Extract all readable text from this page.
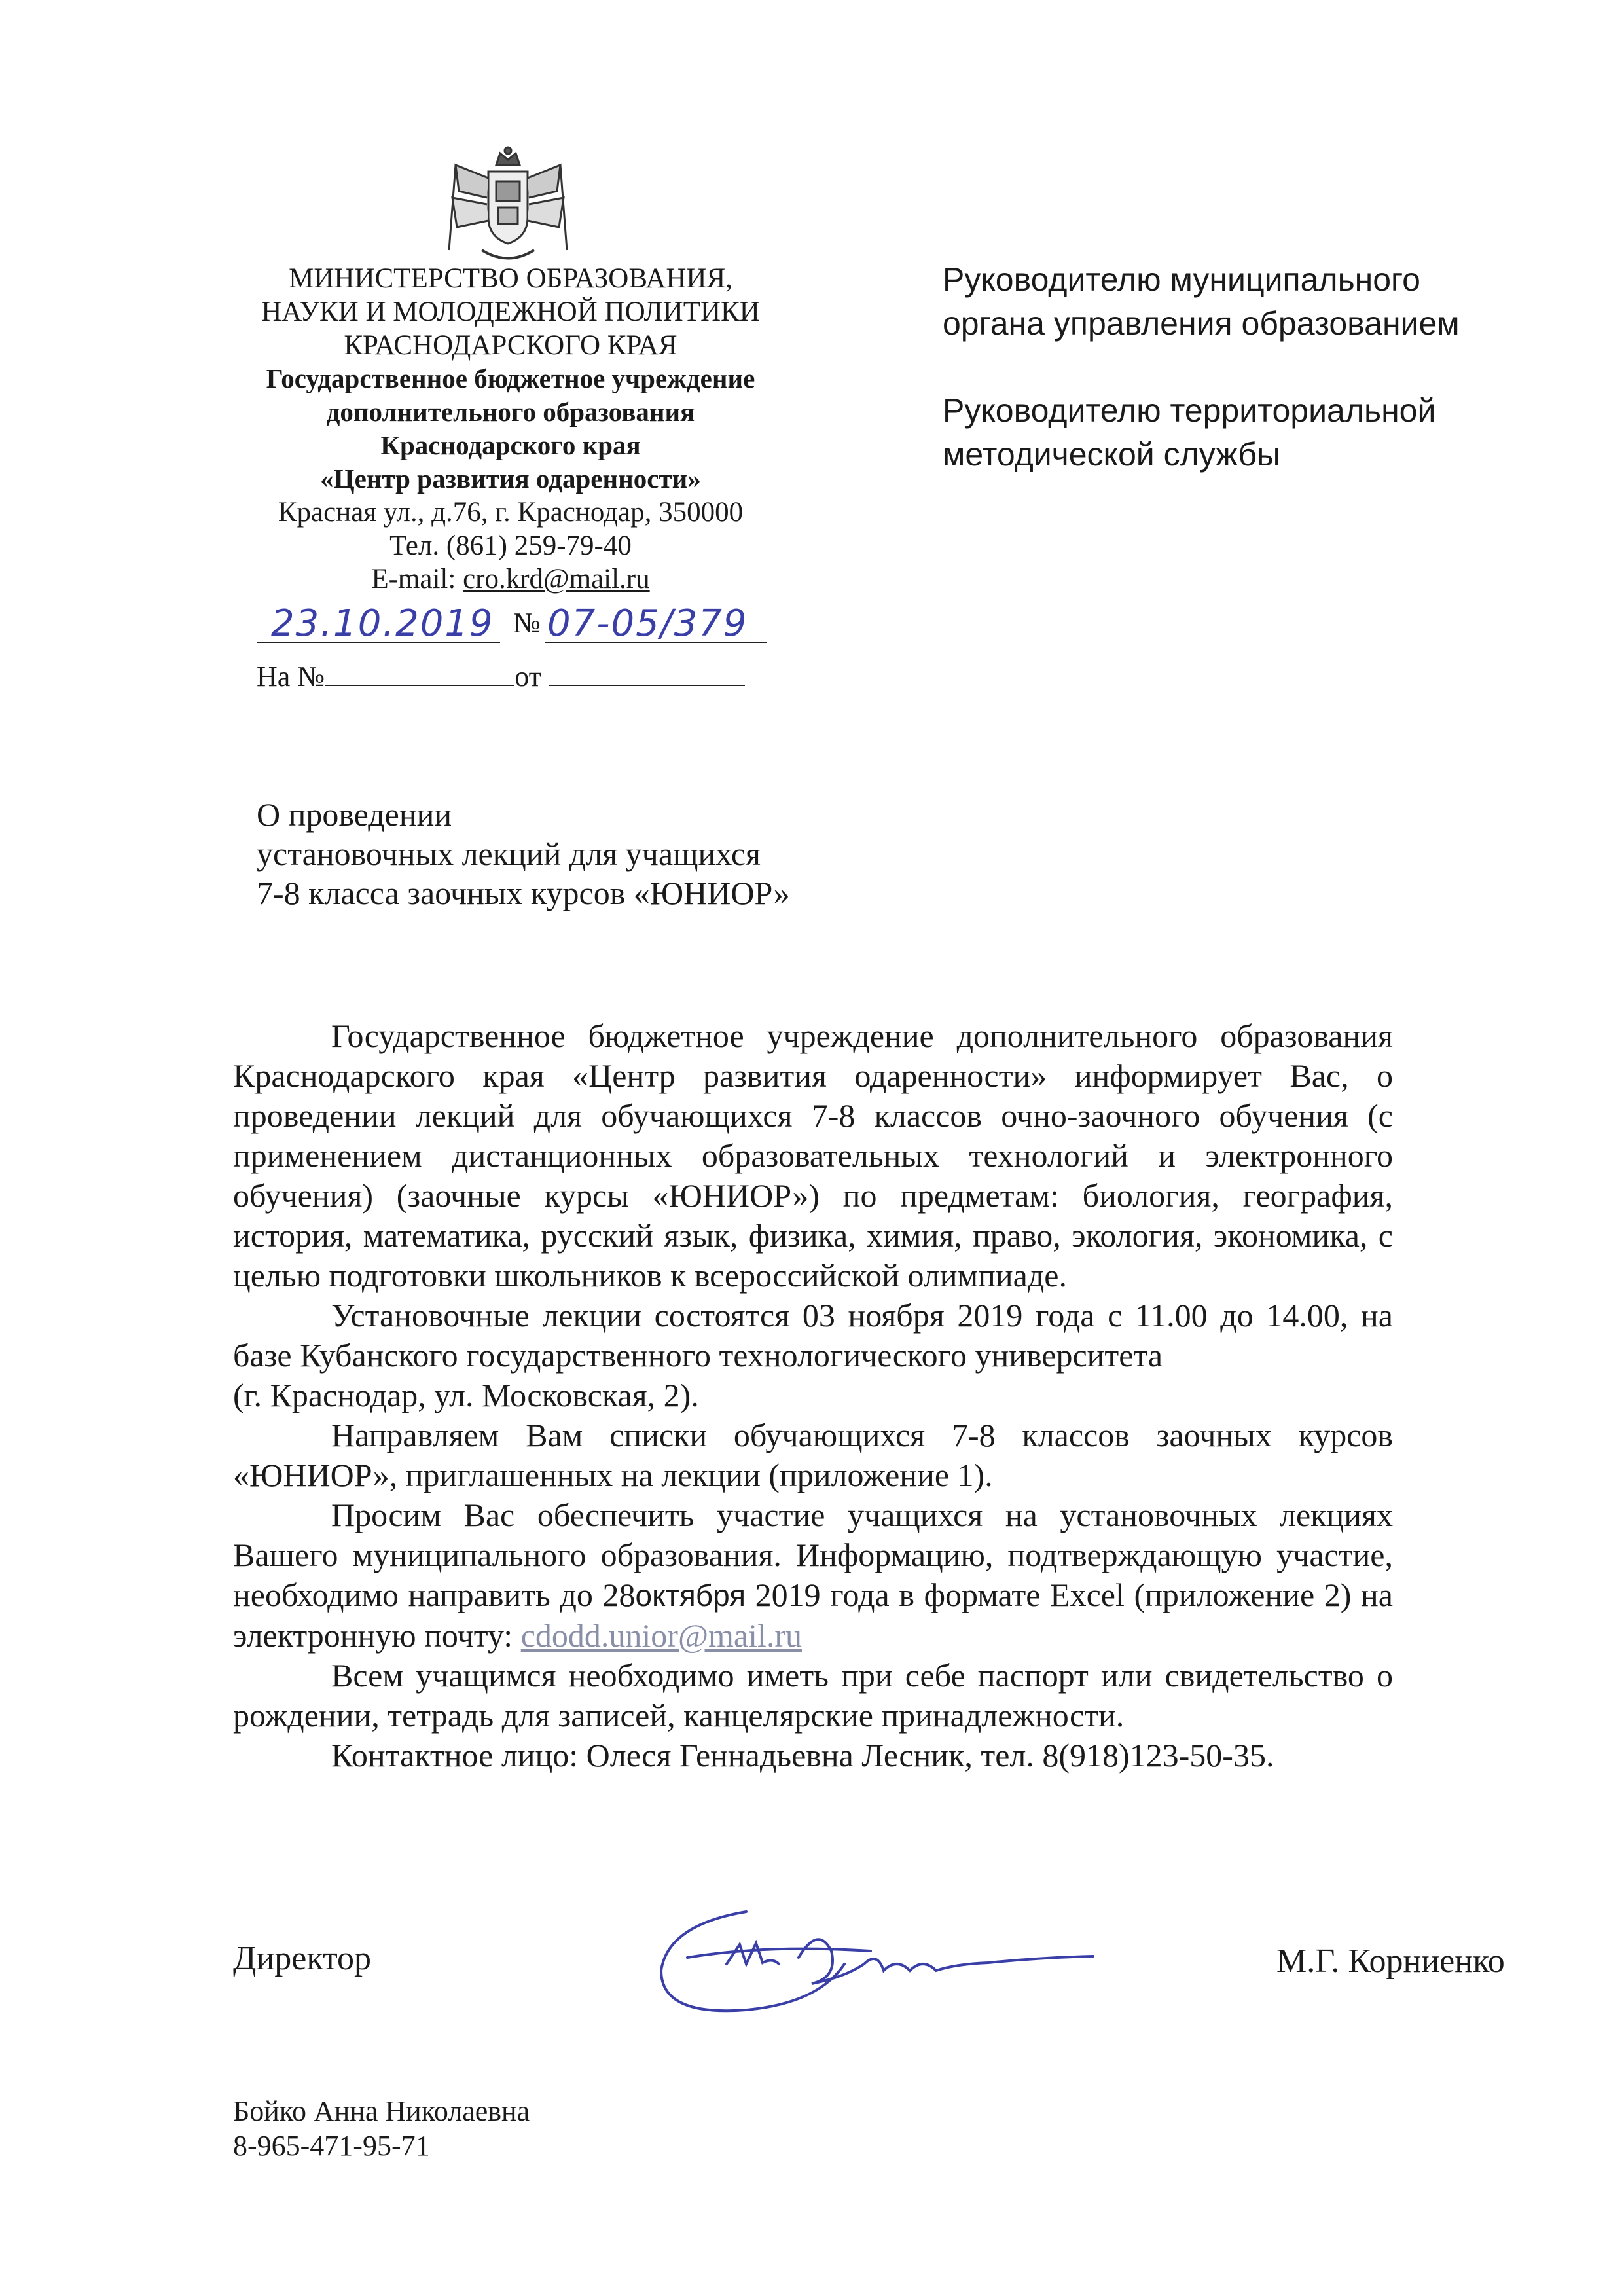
МИНИСТЕРСТВО ОБРАЗОВАНИЯ,
НАУКИ И МОЛОДЕЖНОЙ ПОЛИТИКИ
КРАСНОДАРСКОГО КРАЯ
Государственное бюджетное учреждение
дополнительного образования
Краснодарского края
«Центр развития одаренности»
Красная ул., д.76, г. Краснодар, 350000
Тел. (861) 259-79-40
E-mail: cro.krd@mail.ru
23.10.2019 № 07-05/379
На №	от
Руководителю муниципального
органа управления образованием
Руководителю территориальной
методической службы
О проведении
установочных лекций для учащихся
7-8 класса заочных курсов «ЮНИОР»

Государственное бюджетное учреждение дополнительного образования Краснодарского края «Центр развития одаренности» информирует Вас, о проведении лекций для обучающихся 7-8 классов очно-заочного обучения (с применением дистанционных образовательных технологий и электронного обучения) (заочные курсы «ЮНИОР») по предметам: биология, география, история, математика, русский язык, физика, химия, право, экология, экономика, с целью подготовки школьников к всероссийской олимпиаде.

Установочные лекции состоятся 03 ноября 2019 года с 11.00 до 14.00, на базе Кубанского государственного технологического университета

(г. Краснодар, ул. Московская, 2).

Направляем Вам списки обучающихся 7-8 классов заочных курсов «ЮНИОР», приглашенных на лекции (приложение 1).

Просим Вас обеспечить участие учащихся на установочных лекциях Вашего муниципального образования. Информацию, подтверждающую участие, необходимо направить до 28октября 2019 года в формате Excel (приложение 2) на электронную почту: cdodd.unior@mail.ru

Всем учащимся необходимо иметь при себе паспорт или свидетельство о рождении, тетрадь для записей, канцелярские принадлежности.

Контактное лицо: Олеся Геннадьевна Лесник, тел. 8(918)123-50-35.

Директор	М.Г. Корниенко
Бойко Анна Николаевна
8-965-471-95-71
